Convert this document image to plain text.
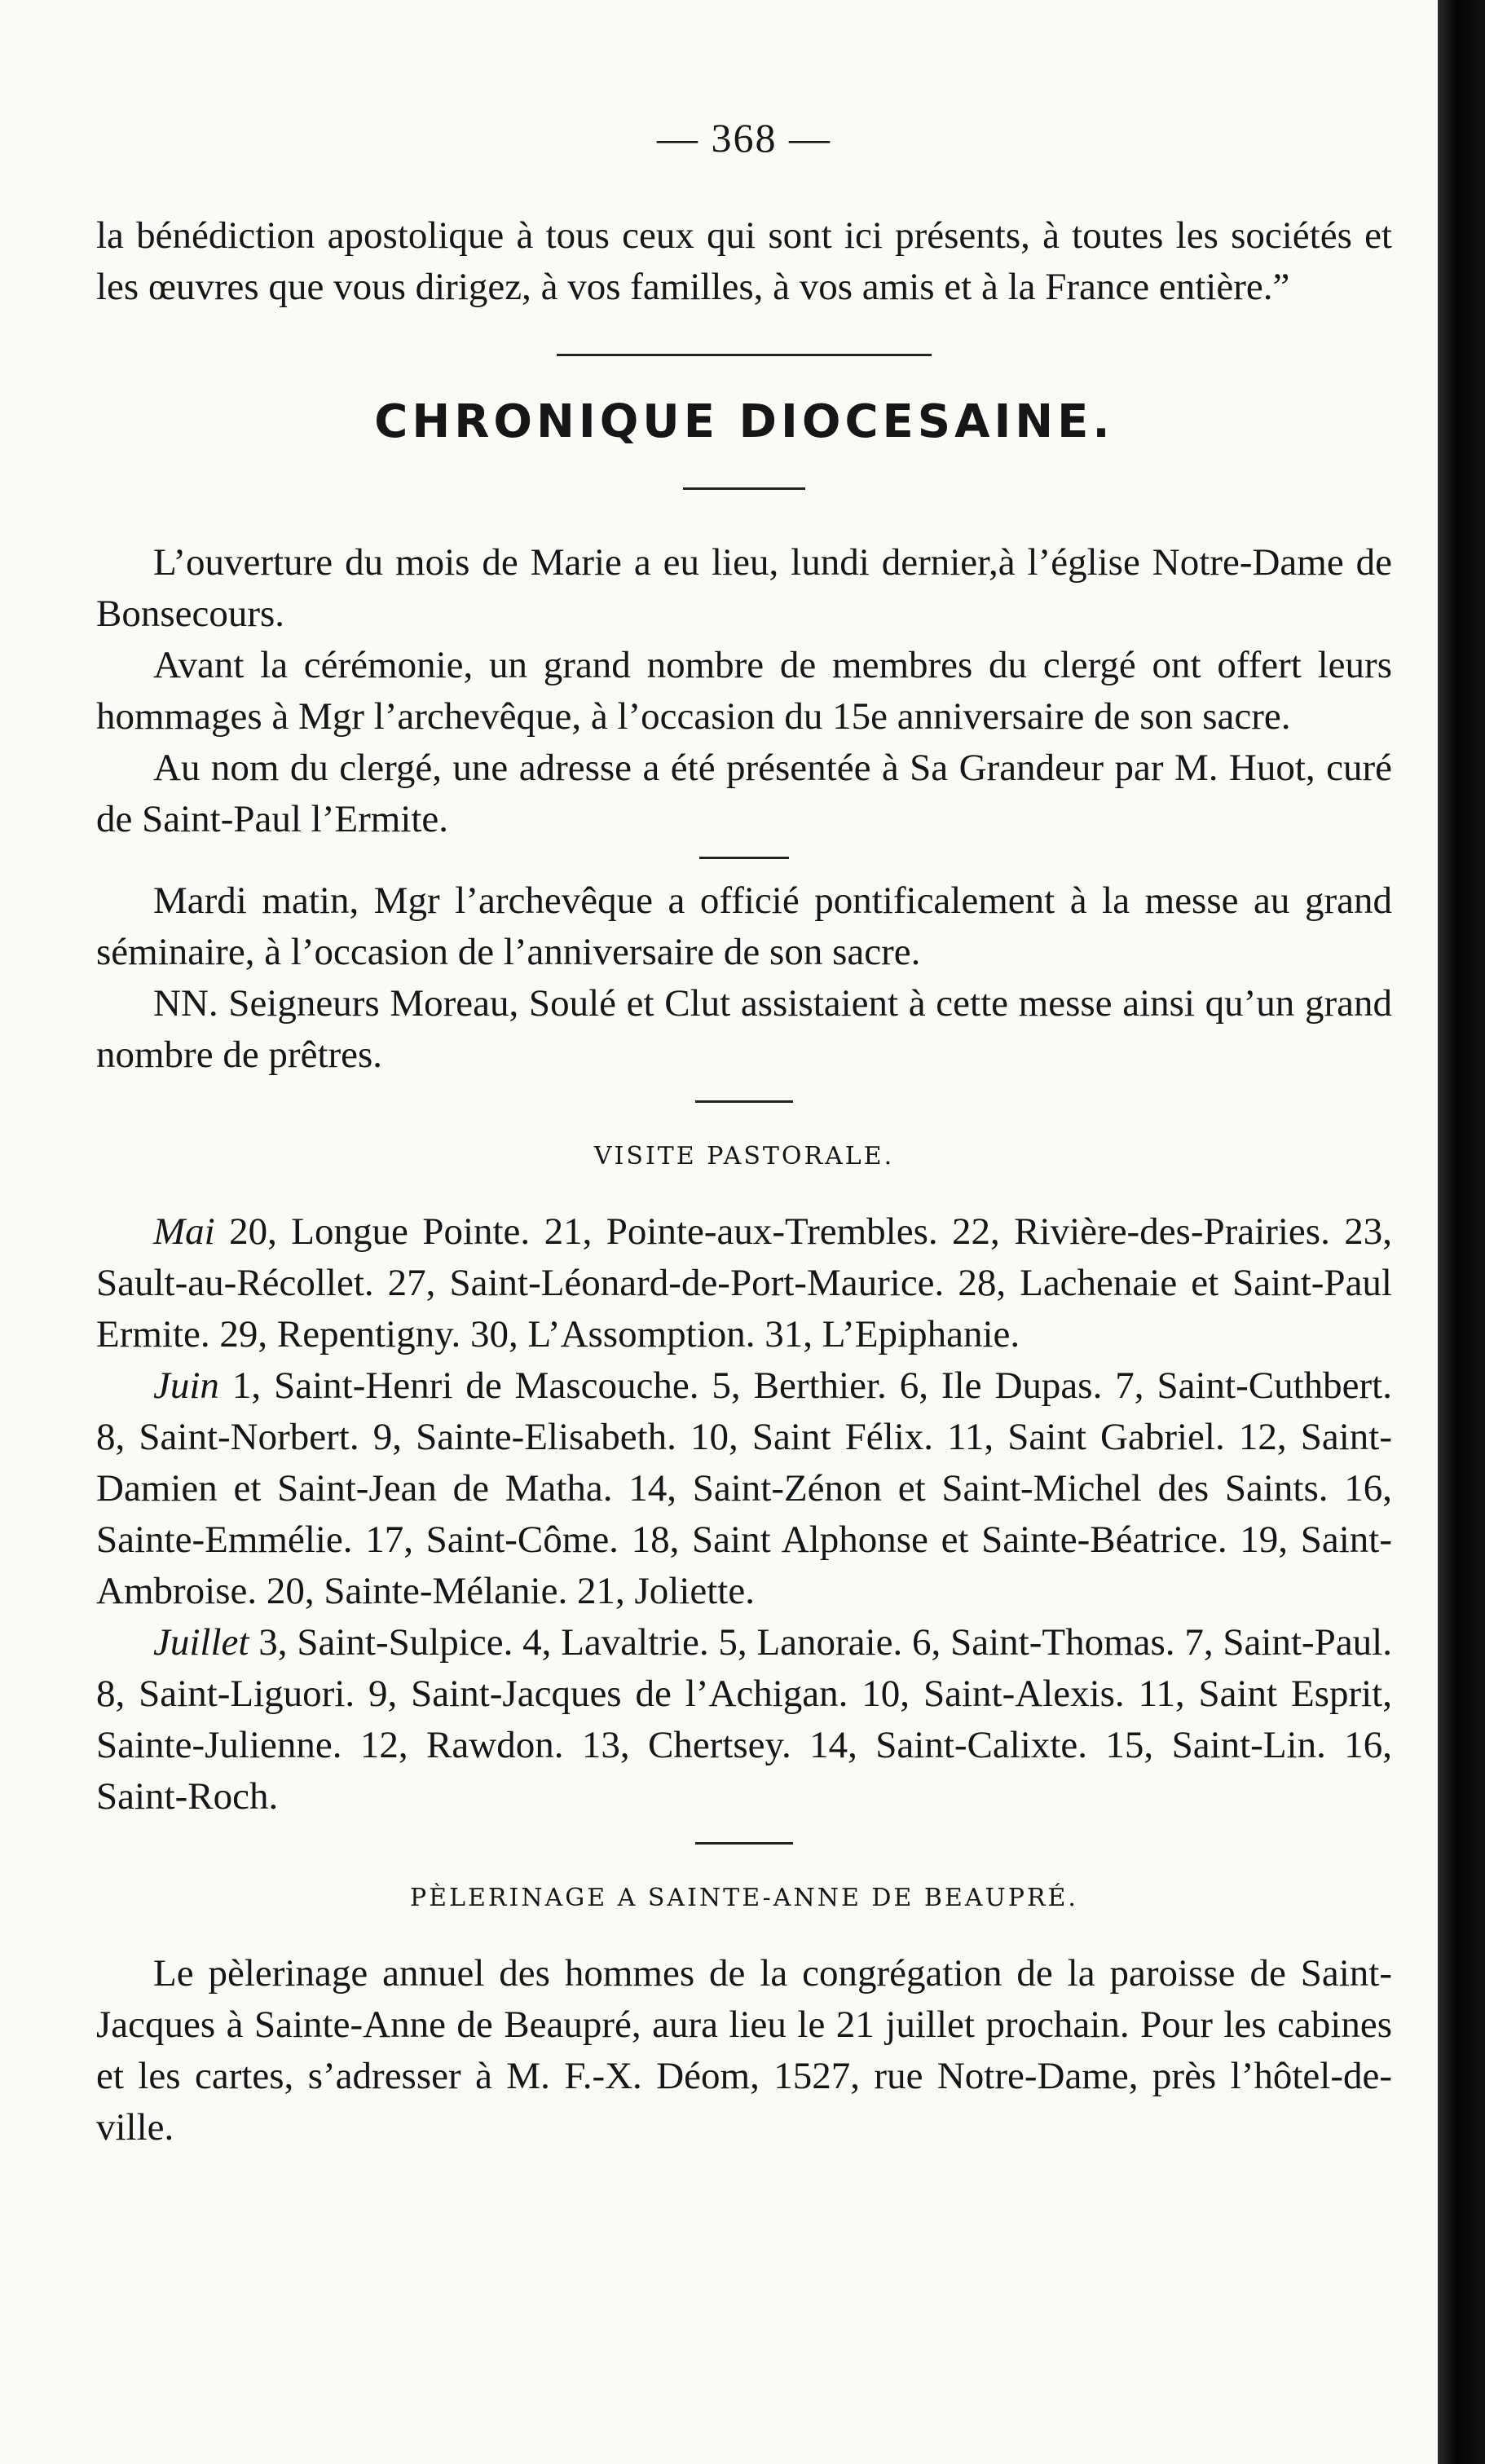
— 368 —

la bénédiction apostolique à tous ceux qui sont ici présents, à toutes les sociétés et les œuvres que vous dirigez, à vos familles, à vos amis et à la France entière.”

CHRONIQUE DIOCESAINE.

L’ouverture du mois de Marie a eu lieu, lundi dernier,à l’église Notre-Dame de Bonsecours.

Avant la cérémonie, un grand nombre de membres du clergé ont offert leurs hommages à Mgr l’archevêque, à l’occasion du 15e anniversaire de son sacre.

Au nom du clergé, une adresse a été présentée à Sa Grandeur par M. Huot, curé de Saint-Paul l’Ermite.

Mardi matin, Mgr l’archevêque a officié pontificalement à la messe au grand séminaire, à l’occasion de l’anniversaire de son sacre.

NN. Seigneurs Moreau, Soulé et Clut assistaient à cette messe ainsi qu’un grand nombre de prêtres.

VISITE PASTORALE.

Mai 20, Longue Pointe. 21, Pointe-aux-Trembles. 22, Rivière-des-Prairies. 23, Sault-au-Récollet. 27, Saint-Léonard-de-Port-Maurice. 28, Lachenaie et Saint-Paul Ermite. 29, Repentigny. 30, L’Assomption. 31, L’Epiphanie.

Juin 1, Saint-Henri de Mascouche. 5, Berthier. 6, Ile Dupas. 7, Saint-Cuthbert. 8, Saint-Norbert. 9, Sainte-Elisabeth. 10, Saint Félix. 11, Saint Gabriel. 12, Saint-Damien et Saint-Jean de Matha. 14, Saint-Zénon et Saint-Michel des Saints. 16, Sainte-Emmélie. 17, Saint-Côme. 18, Saint Alphonse et Sainte-Béatrice. 19, Saint-Ambroise. 20, Sainte-Mélanie. 21, Joliette.

Juillet 3, Saint-Sulpice. 4, Lavaltrie. 5, Lanoraie. 6, Saint-Thomas. 7, Saint-Paul. 8, Saint-Liguori. 9, Saint-Jacques de l’Achigan. 10, Saint-Alexis. 11, Saint Esprit, Sainte-Julienne. 12, Rawdon. 13, Chertsey. 14, Saint-Calixte. 15, Saint-Lin. 16, Saint-Roch.

PÈLERINAGE A SAINTE-ANNE DE BEAUPRÉ.

Le pèlerinage annuel des hommes de la congrégation de la paroisse de Saint-Jacques à Sainte-Anne de Beaupré, aura lieu le 21 juillet prochain. Pour les cabines et les cartes, s’adresser à M. F.-X. Déom, 1527, rue Notre-Dame, près l’hôtel-de-ville.
